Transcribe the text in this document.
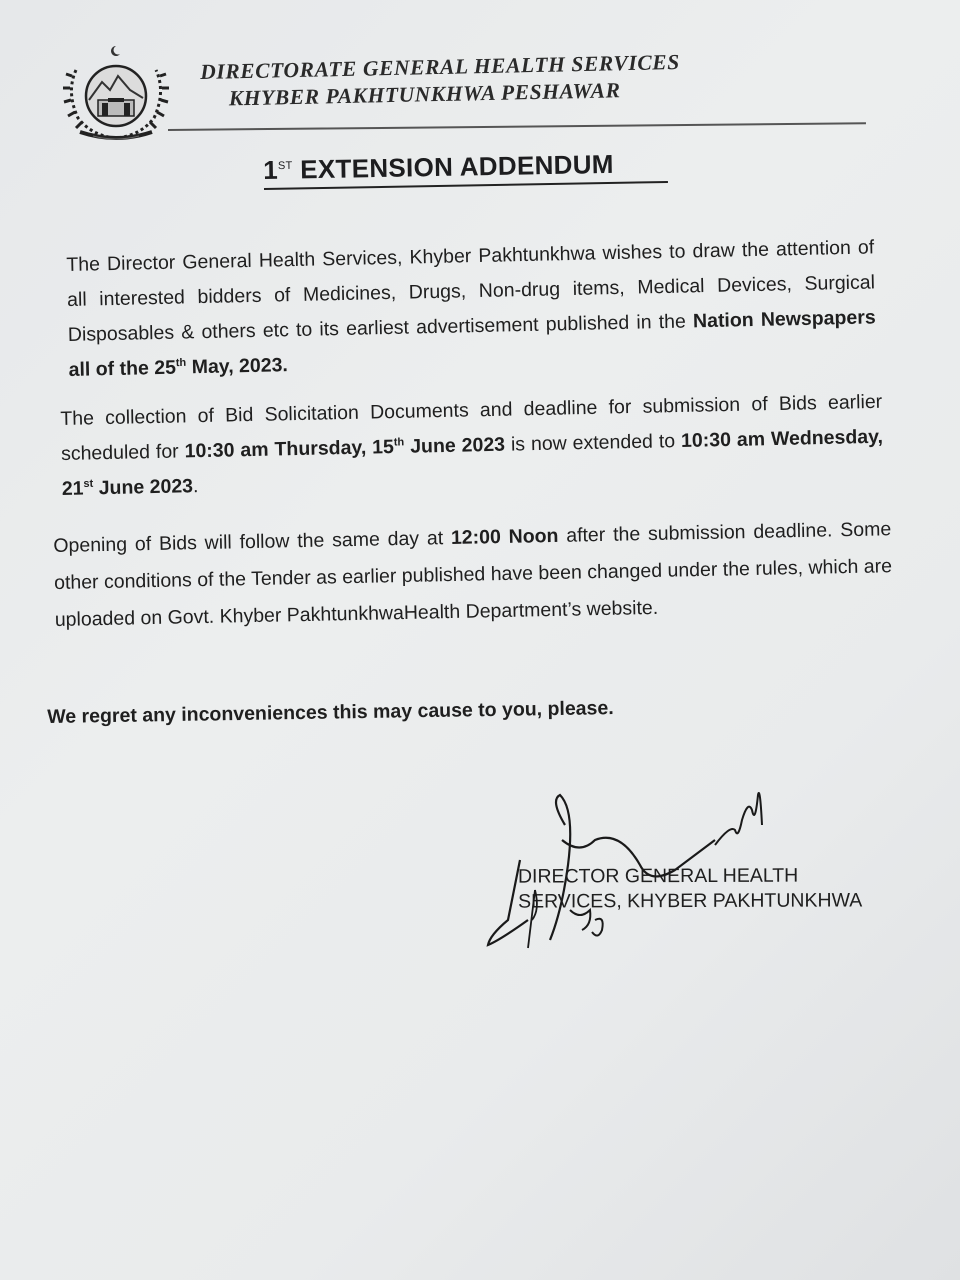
DIRECTORATE GENERAL HEALTH SERVICES
KHYBER PAKHTUNKHWA PESHAWAR
1ST EXTENSION ADDENDUM
The Director General Health Services, Khyber Pakhtunkhwa wishes to draw the attention of all interested bidders of Medicines, Drugs, Non-drug items, Medical Devices, Surgical Disposables & others etc to its earliest advertisement published in the Nation Newspapers all of the 25th May, 2023.
The collection of Bid Solicitation Documents and deadline for submission of Bids earlier scheduled for 10:30 am Thursday, 15th June 2023 is now extended to 10:30 am Wednesday, 21st June 2023.
Opening of Bids will follow the same day at 12:00 Noon after the submission deadline. Some other conditions of the Tender as earlier published have been changed under the rules, which are uploaded on Govt. Khyber PakhtunkhwaHealth Department’s website.
We regret any inconveniences this may cause to you, please.
DIRECTOR GENERAL HEALTH
SERVICES, KHYBER PAKHTUNKHWA
